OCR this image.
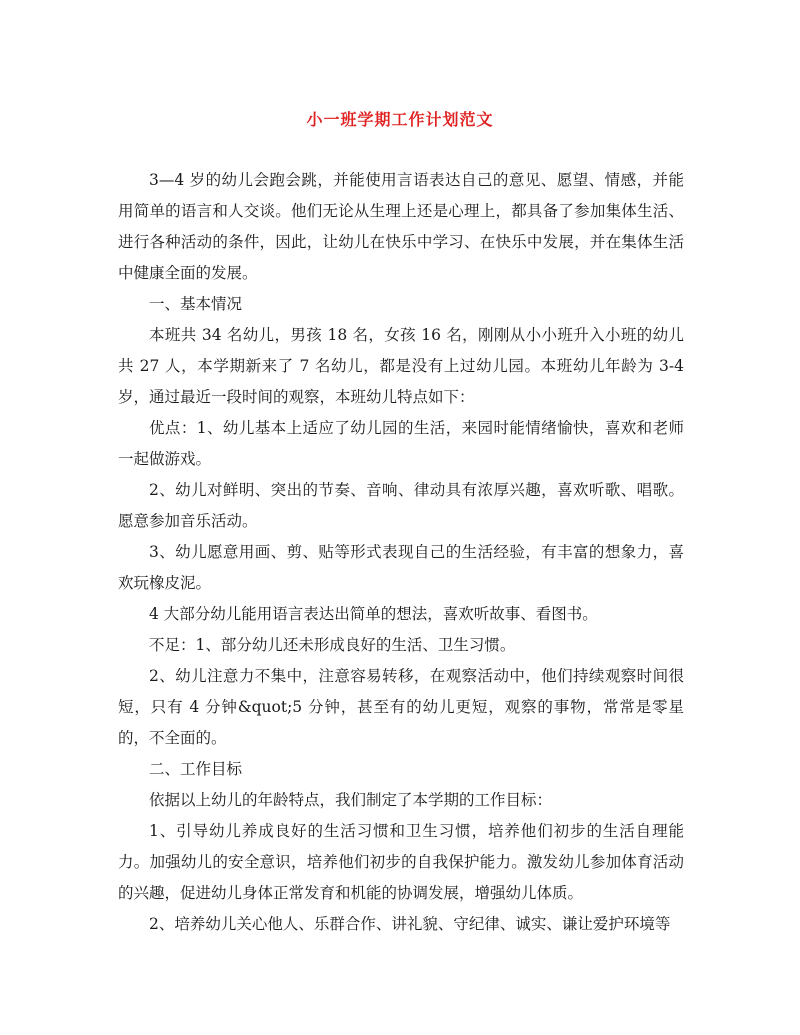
小一班学期工作计划范文

3—4 岁的幼儿会跑会跳，并能使用言语表达自己的意见、愿望、情感，并能用简单的语言和人交谈。他们无论从生理上还是心理上，都具备了参加集体生活、进行各种活动的条件，因此，让幼儿在快乐中学习、在快乐中发展，并在集体生活中健康全面的发展。

一、基本情况

本班共 34 名幼儿，男孩 18 名，女孩 16 名，刚刚从小小班升入小班的幼儿共 27 人，本学期新来了 7 名幼儿，都是没有上过幼儿园。本班幼儿年龄为 3-4 岁，通过最近一段时间的观察，本班幼儿特点如下：

优点：1、幼儿基本上适应了幼儿园的生活，来园时能情绪愉快，喜欢和老师一起做游戏。

2、幼儿对鲜明、突出的节奏、音响、律动具有浓厚兴趣，喜欢听歌、唱歌。愿意参加音乐活动。

3、幼儿愿意用画、剪、贴等形式表现自己的生活经验，有丰富的想象力，喜欢玩橡皮泥。

4 大部分幼儿能用语言表达出简单的想法，喜欢听故事、看图书。

不足：1、部分幼儿还未形成良好的生活、卫生习惯。

2、幼儿注意力不集中，注意容易转移，在观察活动中，他们持续观察时间很短，只有 4 分钟&quot;5 分钟，甚至有的幼儿更短，观察的事物，常常是零星的，不全面的。

二、工作目标

依据以上幼儿的年龄特点，我们制定了本学期的工作目标：

1、引导幼儿养成良好的生活习惯和卫生习惯，培养他们初步的生活自理能力。加强幼儿的安全意识，培养他们初步的自我保护能力。激发幼儿参加体育活动的兴趣，促进幼儿身体正常发育和机能的协调发展，增强幼儿体质。

2、培养幼儿关心他人、乐群合作、讲礼貌、守纪律、诚实、谦让爱护环境等
